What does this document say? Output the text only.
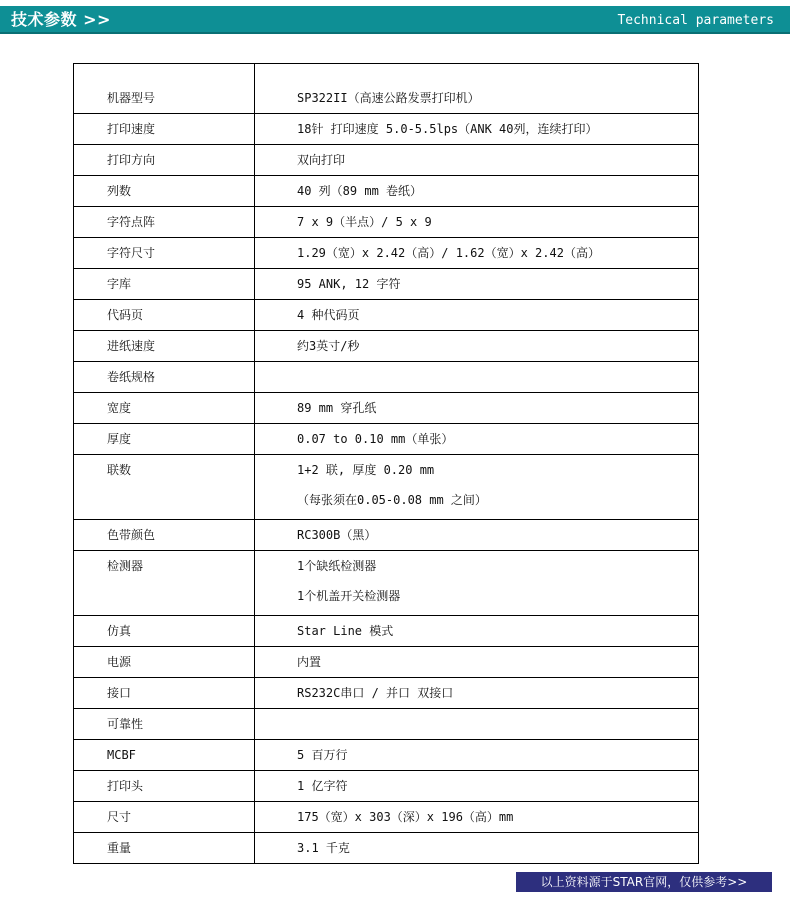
技术参数 >>	Technical parameters
机器型号	SP322II（高速公路发票打印机）

打印速度	18针 打印速度 5.0-5.5lps（ANK 40列，连续打印）

打印方向	双向打印

列数	40 列（89 mm 卷纸）

字符点阵	7 x 9（半点）/ 5 x 9

字符尺寸	1.29（宽）x 2.42（高）/ 1.62（宽）x 2.42（高）

字库	95 ANK, 12 字符

代码页	4 种代码页

进纸速度	约3英寸/秒

卷纸规格	

宽度	89 mm 穿孔纸

厚度	0.07 to 0.10 mm（单张）

联数	1+2 联, 厚度 0.20 mm
（每张须在0.05-0.08 mm 之间）

色带颜色	RC300B（黑）

检测器	1个缺纸检测器
1个机盖开关检测器

仿真	Star Line 模式

电源	内置

接口	RS232C串口 / 并口 双接口

可靠性	

MCBF	5 百万行

打印头	1 亿字符

尺寸	175（宽）x 303（深）x 196（高）mm

重量	3.1 千克
以上资料源于STAR官网，仅供参考>>
